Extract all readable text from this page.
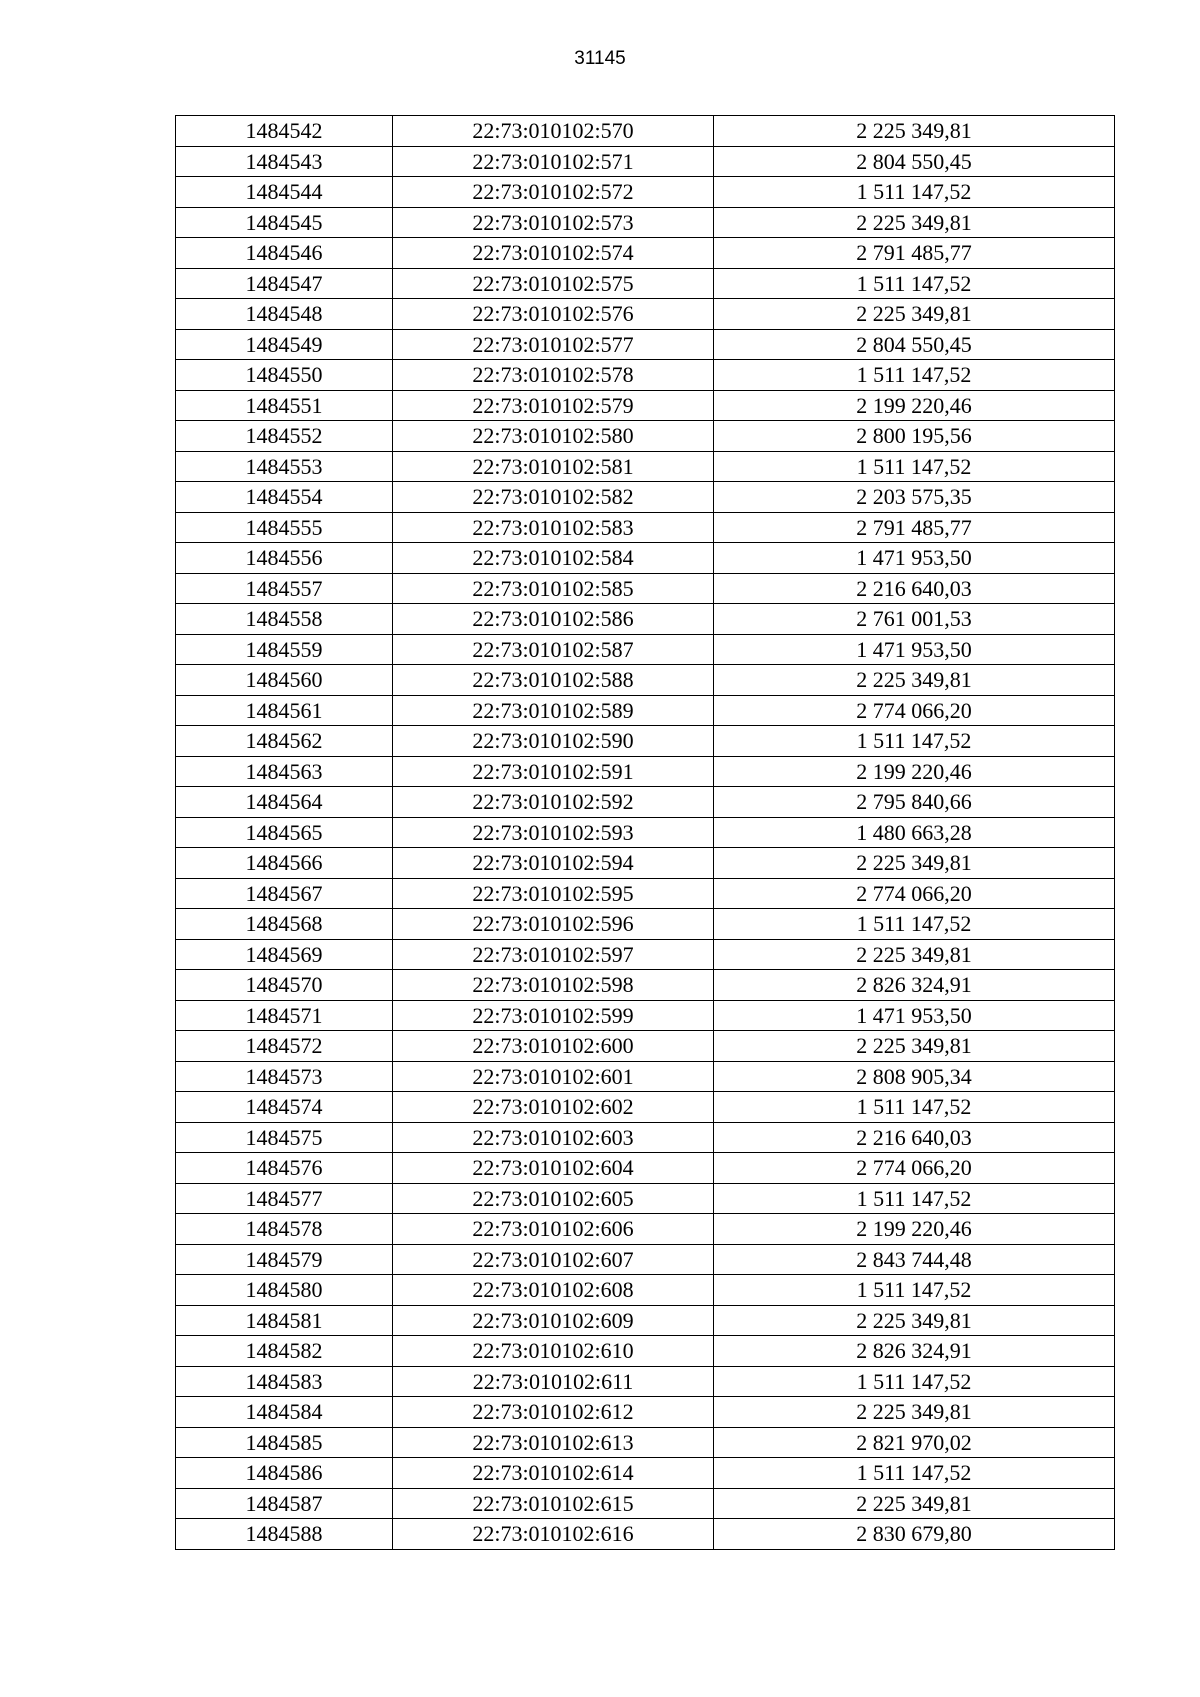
31145
1484542	22:73:010102:570	2 225 349,81
1484543	22:73:010102:571	2 804 550,45
1484544	22:73:010102:572	1 511 147,52
1484545	22:73:010102:573	2 225 349,81
1484546	22:73:010102:574	2 791 485,77
1484547	22:73:010102:575	1 511 147,52
1484548	22:73:010102:576	2 225 349,81
1484549	22:73:010102:577	2 804 550,45
1484550	22:73:010102:578	1 511 147,52
1484551	22:73:010102:579	2 199 220,46
1484552	22:73:010102:580	2 800 195,56
1484553	22:73:010102:581	1 511 147,52
1484554	22:73:010102:582	2 203 575,35
1484555	22:73:010102:583	2 791 485,77
1484556	22:73:010102:584	1 471 953,50
1484557	22:73:010102:585	2 216 640,03
1484558	22:73:010102:586	2 761 001,53
1484559	22:73:010102:587	1 471 953,50
1484560	22:73:010102:588	2 225 349,81
1484561	22:73:010102:589	2 774 066,20
1484562	22:73:010102:590	1 511 147,52
1484563	22:73:010102:591	2 199 220,46
1484564	22:73:010102:592	2 795 840,66
1484565	22:73:010102:593	1 480 663,28
1484566	22:73:010102:594	2 225 349,81
1484567	22:73:010102:595	2 774 066,20
1484568	22:73:010102:596	1 511 147,52
1484569	22:73:010102:597	2 225 349,81
1484570	22:73:010102:598	2 826 324,91
1484571	22:73:010102:599	1 471 953,50
1484572	22:73:010102:600	2 225 349,81
1484573	22:73:010102:601	2 808 905,34
1484574	22:73:010102:602	1 511 147,52
1484575	22:73:010102:603	2 216 640,03
1484576	22:73:010102:604	2 774 066,20
1484577	22:73:010102:605	1 511 147,52
1484578	22:73:010102:606	2 199 220,46
1484579	22:73:010102:607	2 843 744,48
1484580	22:73:010102:608	1 511 147,52
1484581	22:73:010102:609	2 225 349,81
1484582	22:73:010102:610	2 826 324,91
1484583	22:73:010102:611	1 511 147,52
1484584	22:73:010102:612	2 225 349,81
1484585	22:73:010102:613	2 821 970,02
1484586	22:73:010102:614	1 511 147,52
1484587	22:73:010102:615	2 225 349,81
1484588	22:73:010102:616	2 830 679,80
